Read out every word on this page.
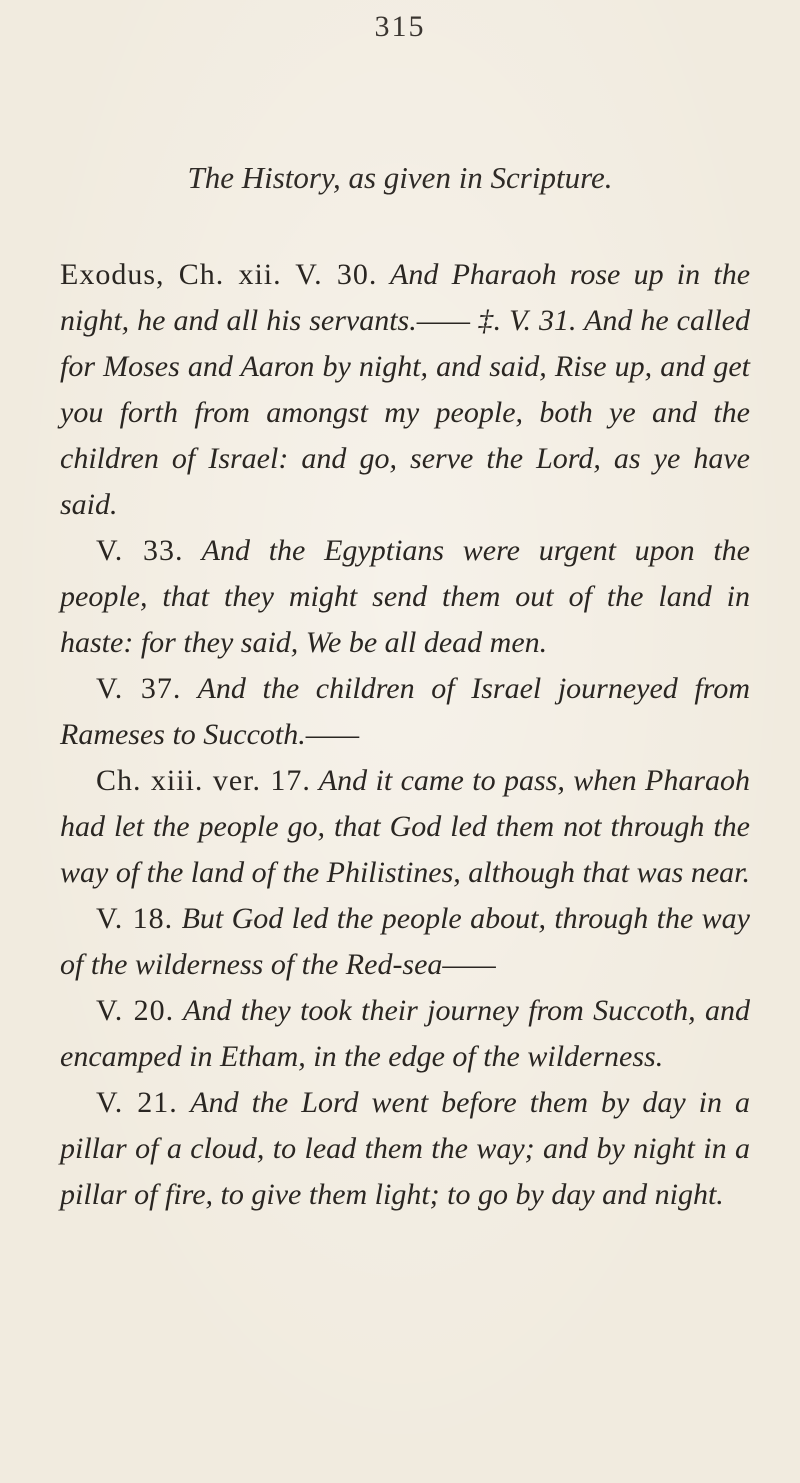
315
The History, as given in Scripture.

Exodus, Ch. xii. V. 30. And Pharaoh rose up in the night, he and all his servants.—— ‡. V. 31. And he called for Moses and Aaron by night, and said, Rise up, and get you forth from amongst my people, both ye and the children of Israel: and go, serve the Lord, as ye have said.

V. 33. And the Egyptians were urgent upon the people, that they might send them out of the land in haste: for they said, We be all dead men.

V. 37. And the children of Israel journeyed from Rameses to Succoth.——

Ch. xiii. ver. 17. And it came to pass, when Pharaoh had let the people go, that God led them not through the way of the land of the Philistines, although that was near.

V. 18. But God led the people about, through the way of the wilderness of the Red-sea——

V. 20. And they took their journey from Succoth, and encamped in Etham, in the edge of the wilderness.

V. 21. And the Lord went before them by day in a pillar of a cloud, to lead them the way; and by night in a pillar of fire, to give them light; to go by day and night.
